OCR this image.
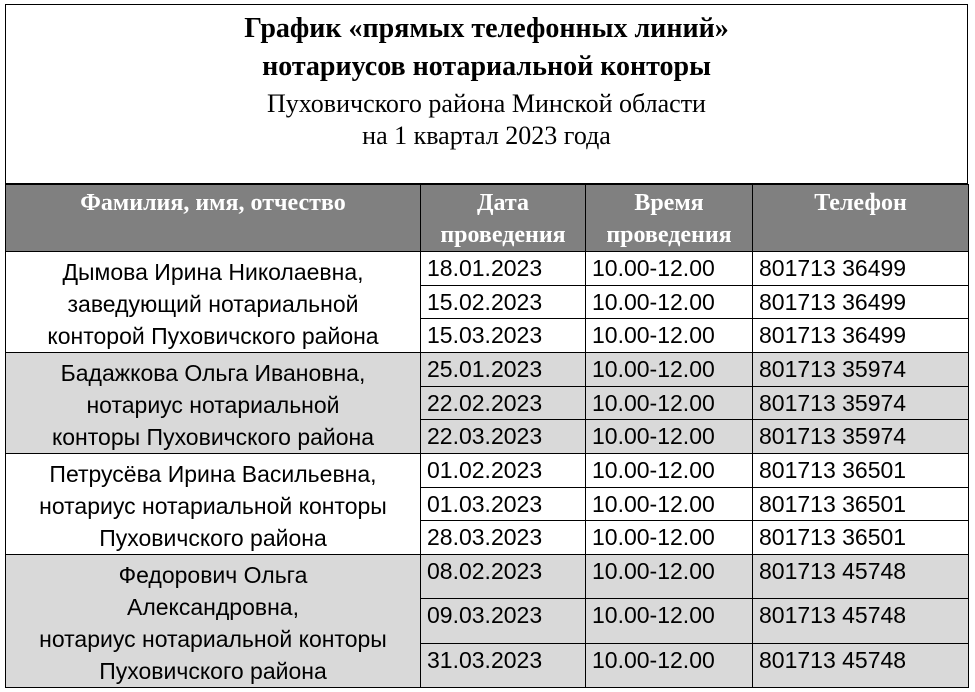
График «прямых телефонных линий»
нотариусов нотариальной конторы
Пуховичского района Минской области
на 1 квартал 2023 года
Фамилия, имя, отчество	Дата проведения	Время проведения	Телефон

Дымова Ирина Николаевна,
заведующий нотариальной
конторой Пуховичского района	18.01.2023	10.00-12.00	801713 36499
	15.02.2023	10.00-12.00	801713 36499
	15.03.2023	10.00-12.00	801713 36499

Бадажкова Ольга Ивановна,
нотариус нотариальной
конторы Пуховичского района	25.01.2023	10.00-12.00	801713 35974
	22.02.2023	10.00-12.00	801713 35974
	22.03.2023	10.00-12.00	801713 35974

Петрусёва Ирина Васильевна,
нотариус нотариальной конторы
Пуховичского района	01.02.2023	10.00-12.00	801713 36501
	01.03.2023	10.00-12.00	801713 36501
	28.03.2023	10.00-12.00	801713 36501

Федорович Ольга
Александровна,
нотариус нотариальной конторы
Пуховичского района	08.02.2023	10.00-12.00	801713 45748
	09.03.2023	10.00-12.00	801713 45748
	31.03.2023	10.00-12.00	801713 45748
